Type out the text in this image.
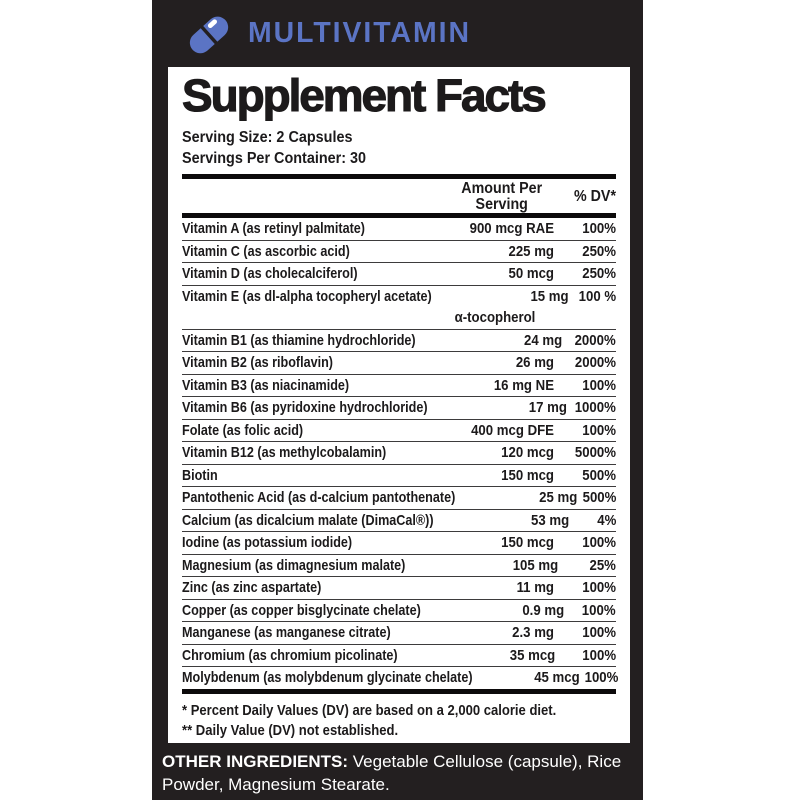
MULTIVITAMIN
Supplement Facts
Serving Size: 2 Capsules
Servings Per Container: 30
Amount Per
Serving	% DV*
Vitamin A (as retinyl palmitate)	900 mcg RAE	100%
Vitamin C (as ascorbic acid)	225 mg	250%
Vitamin D (as cholecalciferol)	50 mcg	250%
Vitamin E (as dl-alpha tocopheryl acetate)	15 mg 100 %
α-tocopherol
Vitamin B1 (as thiamine hydrochloride)	24 mg 2000%
Vitamin B2 (as riboflavin)	26 mg	2000%
Vitamin B3 (as niacinamide)	16 mg NE	100%
Vitamin B6 (as pyridoxine hydrochloride)	17 mg 1000%
Folate (as folic acid)	400 mcg DFE	100%
Vitamin B12 (as methylcobalamin)	120 mcg	5000%
Biotin	150 mcg	500%
Pantothenic Acid (as d-calcium pantothenate)	25 mg 500%
Calcium (as dicalcium malate (DimaCal®))	53 mg	4%
Iodine (as potassium iodide)	150 mcg	100%
Magnesium (as dimagnesium malate)	105 mg	25%
Zinc (as zinc aspartate)	11 mg	100%
Copper (as copper bisglycinate chelate)	0.9 mg	100%
Manganese (as manganese citrate)	2.3 mg	100%
Chromium (as chromium picolinate)	35 mcg	100%
Molybdenum (as molybdenum glycinate chelate)	45 mcg 100%
* Percent Daily Values (DV) are based on a 2,000 calorie diet.
** Daily Value (DV) not established.
OTHER INGREDIENTS: Vegetable Cellulose (capsule), Rice Powder, Magnesium Stearate.
